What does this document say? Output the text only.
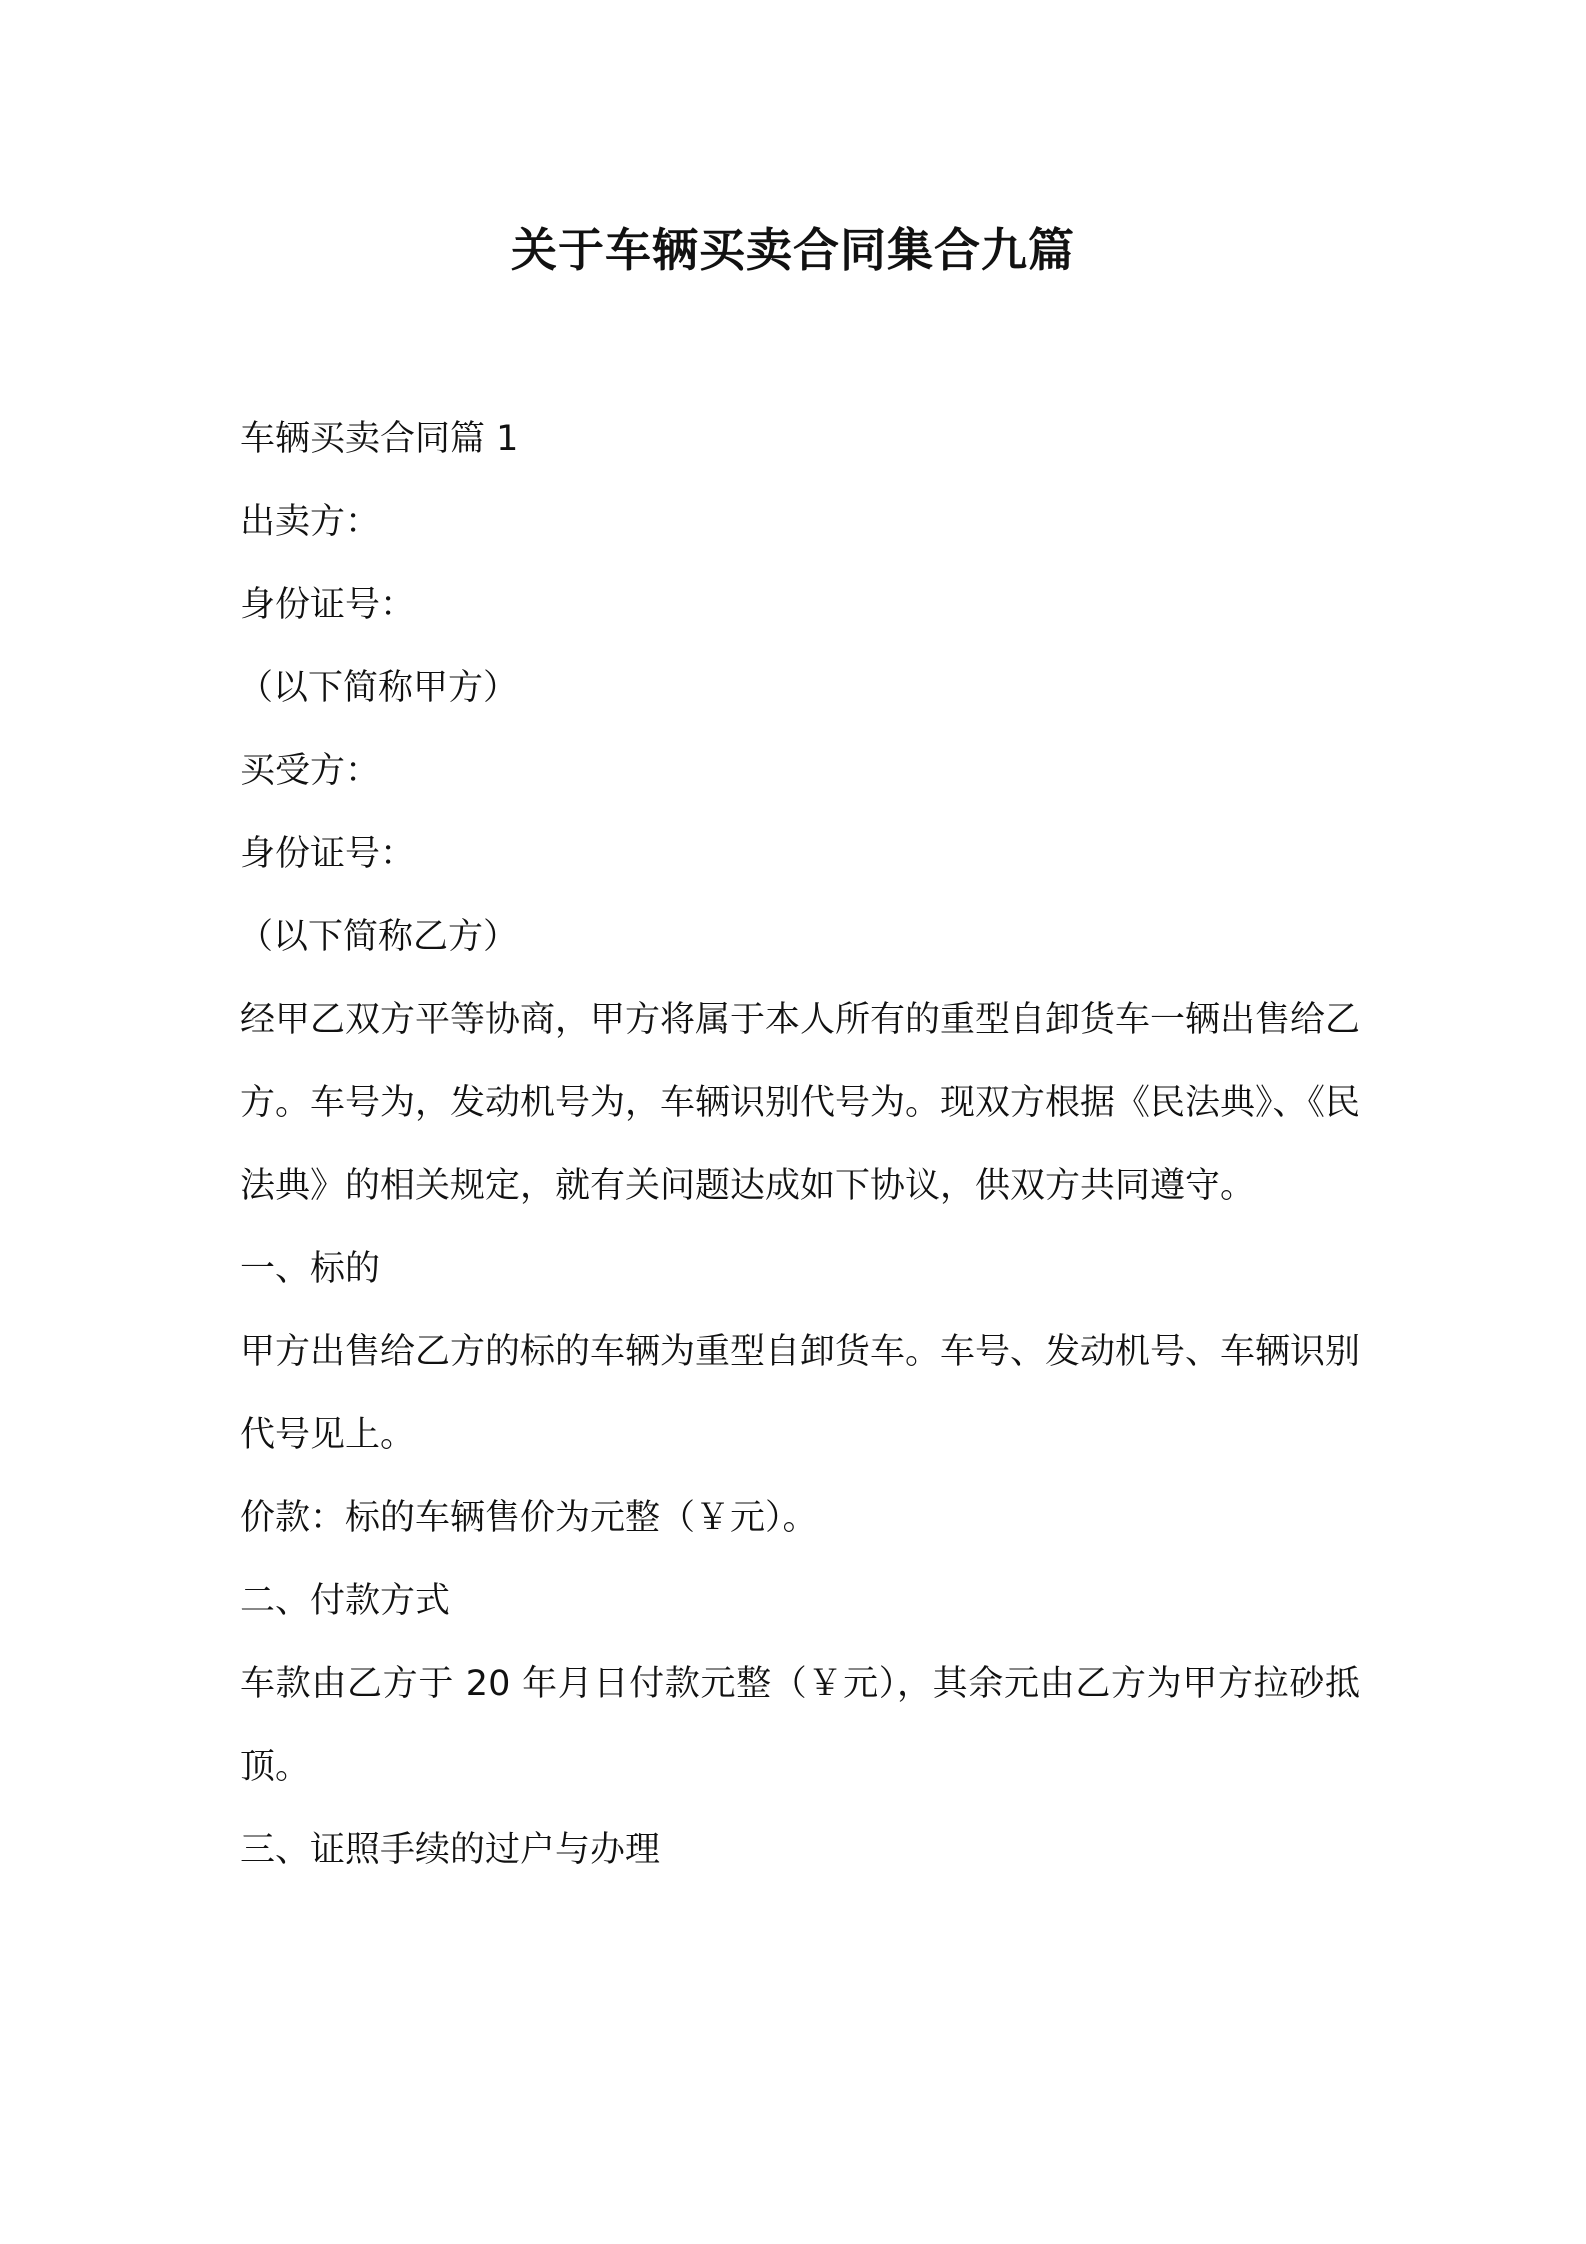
关于车辆买卖合同集合九篇

车辆买卖合同篇 1

出卖方：

身份证号：

（以下简称甲方）

买受方：

身份证号：

（以下简称乙方）

经甲乙双方平等协商，甲方将属于本人所有的重型自卸货车一辆出售给乙方。车号为，发动机号为，车辆识别代号为。现双方根据《民法典》、《民法典》的相关规定，就有关问题达成如下协议，供双方共同遵守。

一、标的

甲方出售给乙方的标的车辆为重型自卸货车。车号、发动机号、车辆识别代号见上。

价款：标的车辆售价为元整（￥元）。

二、付款方式

车款由乙方于 20 年月日付款元整（￥元），其余元由乙方为甲方拉砂抵顶。

三、证照手续的过户与办理
